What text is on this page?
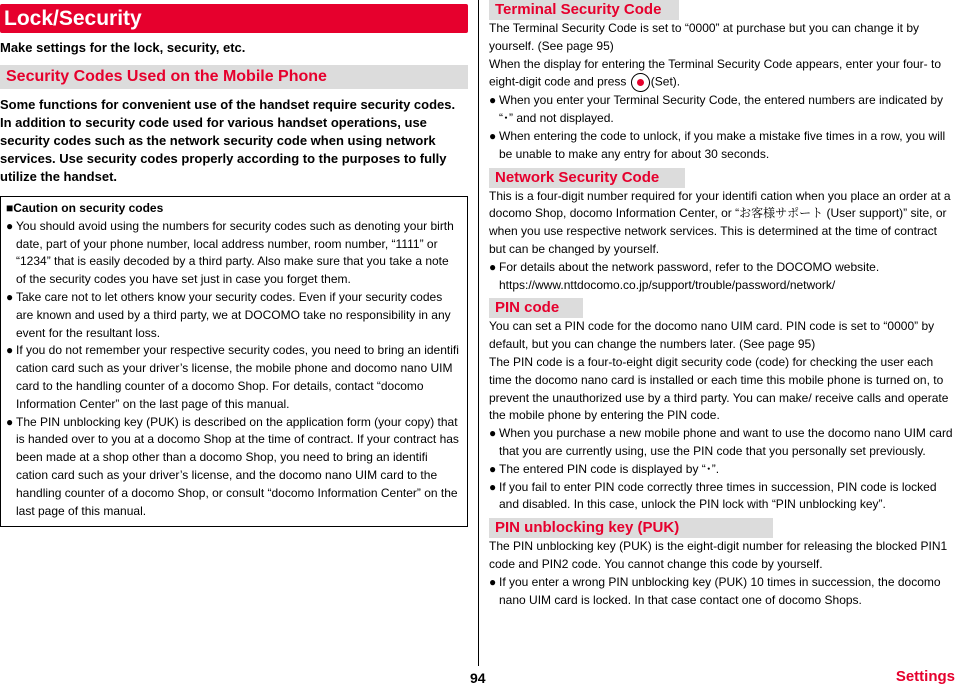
Lock/Security
Make settings for the lock, security, etc.
Security Codes Used on the Mobile Phone
Some functions for convenient use of the handset require security codes. In addition to security code used for various handset operations, use security codes such as the network security code when using network services. Use security codes properly according to the purposes to fully utilize the handset.
■Caution on security codes
● You should avoid using the numbers for security codes such as denoting your birth date, part of your phone number, local address number, room number, “1111” or “1234” that is easily decoded by a third party. Also make sure that you take a note of the security codes you have set just in case you forget them.
● Take care not to let others know your security codes. Even if your security codes are known and used by a third party, we at DOCOMO take no responsibility in any event for the resultant loss.
● If you do not remember your respective security codes, you need to bring an identifi cation card such as your driver’s license, the mobile phone and docomo nano UIM card to the handling counter of a docomo Shop. For details, contact “docomo Information Center” on the last page of this manual.
● The PIN unblocking key (PUK) is described on the application form (your copy) that is handed over to you at a docomo Shop at the time of contract. If your contract has been made at a shop other than a docomo Shop, you need to bring an identifi cation card such as your driver’s license, and the docomo nano UIM card to the handling counter of a docomo Shop, or consult “docomo Information Center” on the last page of this manual.
Terminal Security Code
The Terminal Security Code is set to “0000” at purchase but you can change it by yourself. (See page 95)
When the display for entering the Terminal Security Code appears, enter your four- to eight-digit code and press (Set).
● When you enter your Terminal Security Code, the entered numbers are indicated by “･” and not displayed.
● When entering the code to unlock, if you make a mistake five times in a row, you will be unable to make any entry for about 30 seconds.
Network Security Code
This is a four-digit number required for your identifi cation when you place an order at a docomo Shop, docomo Information Center, or “お客様サポート (User support)” site, or when you use respective network services. This is determined at the time of contract but can be changed by yourself.
● For details about the network password, refer to the DOCOMO website.
https://www.nttdocomo.co.jp/support/trouble/password/network/
PIN code
You can set a PIN code for the docomo nano UIM card. PIN code is set to “0000” by default, but you can change the numbers later. (See page 95)
The PIN code is a four-to-eight digit security code (code) for checking the user each time the docomo nano card is installed or each time this mobile phone is turned on, to prevent the unauthorized use by a third party. You can make/ receive calls and operate the mobile phone by entering the PIN code.
● When you purchase a new mobile phone and want to use the docomo nano UIM card that you are currently using, use the PIN code that you personally set previously.
● The entered PIN code is displayed by “･”.
● If you fail to enter PIN code correctly three times in succession, PIN code is locked and disabled. In this case, unlock the PIN lock with “PIN unblocking key”.
PIN unblocking key (PUK)
The PIN unblocking key (PUK) is the eight-digit number for releasing the blocked PIN1 code and PIN2 code. You cannot change this code by yourself.
● If you enter a wrong PIN unblocking key (PUK) 10 times in succession, the docomo nano UIM card is locked. In that case contact one of docomo Shops.
94	Settings
